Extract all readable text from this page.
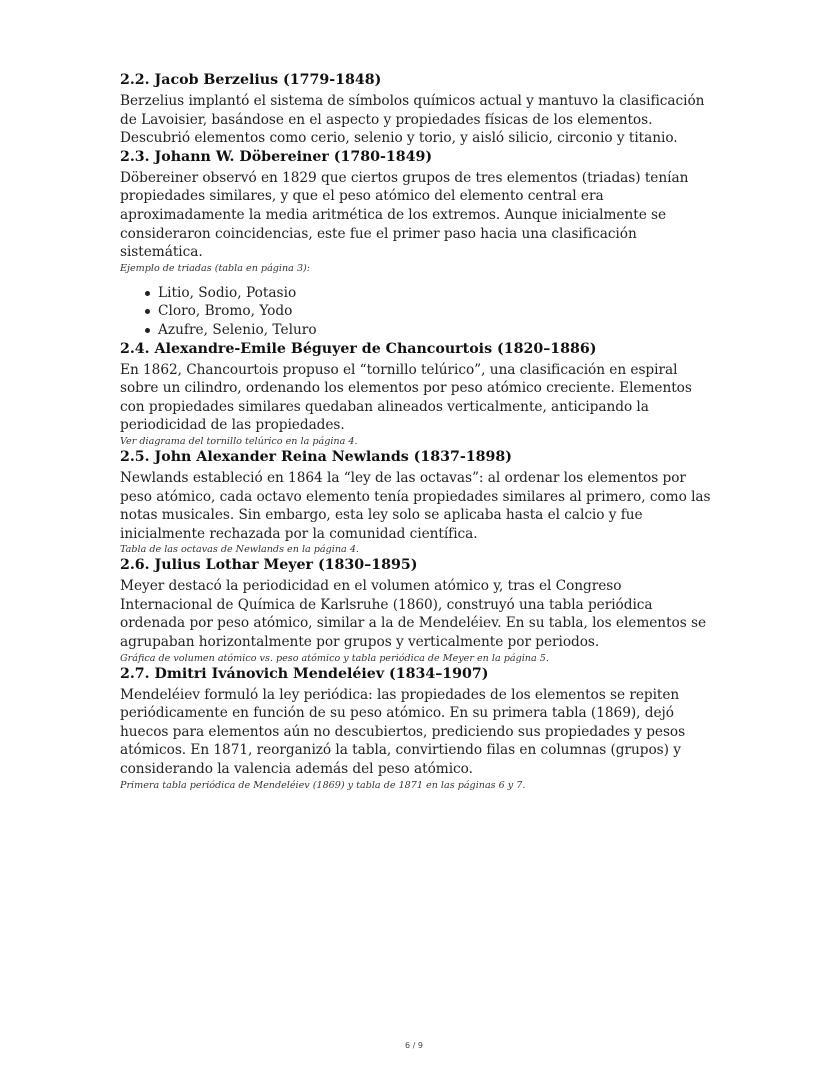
2.2. Jacob Berzelius (1779-1848)

Berzelius implantó el sistema de símbolos químicos actual y mantuvo la clasificación de Lavoisier, basándose en el aspecto y propiedades físicas de los elementos. Descubrió elementos como cerio, selenio y torio, y aisló silicio, circonio y titanio.

2.3. Johann W. Döbereiner (1780-1849)

Döbereiner observó en 1829 que ciertos grupos de tres elementos (triadas) tenían propiedades similares, y que el peso atómico del elemento central era aproximadamente la media aritmética de los extremos. Aunque inicialmente se consideraron coincidencias, este fue el primer paso hacia una clasificación sistemática.

Ejemplo de triadas (tabla en página 3):

Litio, Sodio, Potasio
Cloro, Bromo, Yodo
Azufre, Selenio, Teluro
2.4. Alexandre-Emile Béguyer de Chancourtois (1820–1886)

En 1862, Chancourtois propuso el “tornillo telúrico”, una clasificación en espiral sobre un cilindro, ordenando los elementos por peso atómico creciente. Elementos con propiedades similares quedaban alineados verticalmente, anticipando la periodicidad de las propiedades.

Ver diagrama del tornillo telúrico en la página 4.

2.5. John Alexander Reina Newlands (1837-1898)

Newlands estableció en 1864 la “ley de las octavas”: al ordenar los elementos por peso atómico, cada octavo elemento tenía propiedades similares al primero, como las notas musicales. Sin embargo, esta ley solo se aplicaba hasta el calcio y fue inicialmente rechazada por la comunidad científica.

Tabla de las octavas de Newlands en la página 4.

2.6. Julius Lothar Meyer (1830–1895)

Meyer destacó la periodicidad en el volumen atómico y, tras el Congreso Internacional de Química de Karlsruhe (1860), construyó una tabla periódica ordenada por peso atómico, similar a la de Mendeléiev. En su tabla, los elementos se agrupaban horizontalmente por grupos y verticalmente por periodos.

Gráfica de volumen atómico vs. peso atómico y tabla periódica de Meyer en la página 5.

2.7. Dmitri Ivánovich Mendeléiev (1834–1907)

Mendeléiev formuló la ley periódica: las propiedades de los elementos se repiten periódicamente en función de su peso atómico. En su primera tabla (1869), dejó huecos para elementos aún no descubiertos, prediciendo sus propiedades y pesos atómicos. En 1871, reorganizó la tabla, convirtiendo filas en columnas (grupos) y considerando la valencia además del peso atómico.

Primera tabla periódica de Mendeléiev (1869) y tabla de 1871 en las páginas 6 y 7.

6 / 9
